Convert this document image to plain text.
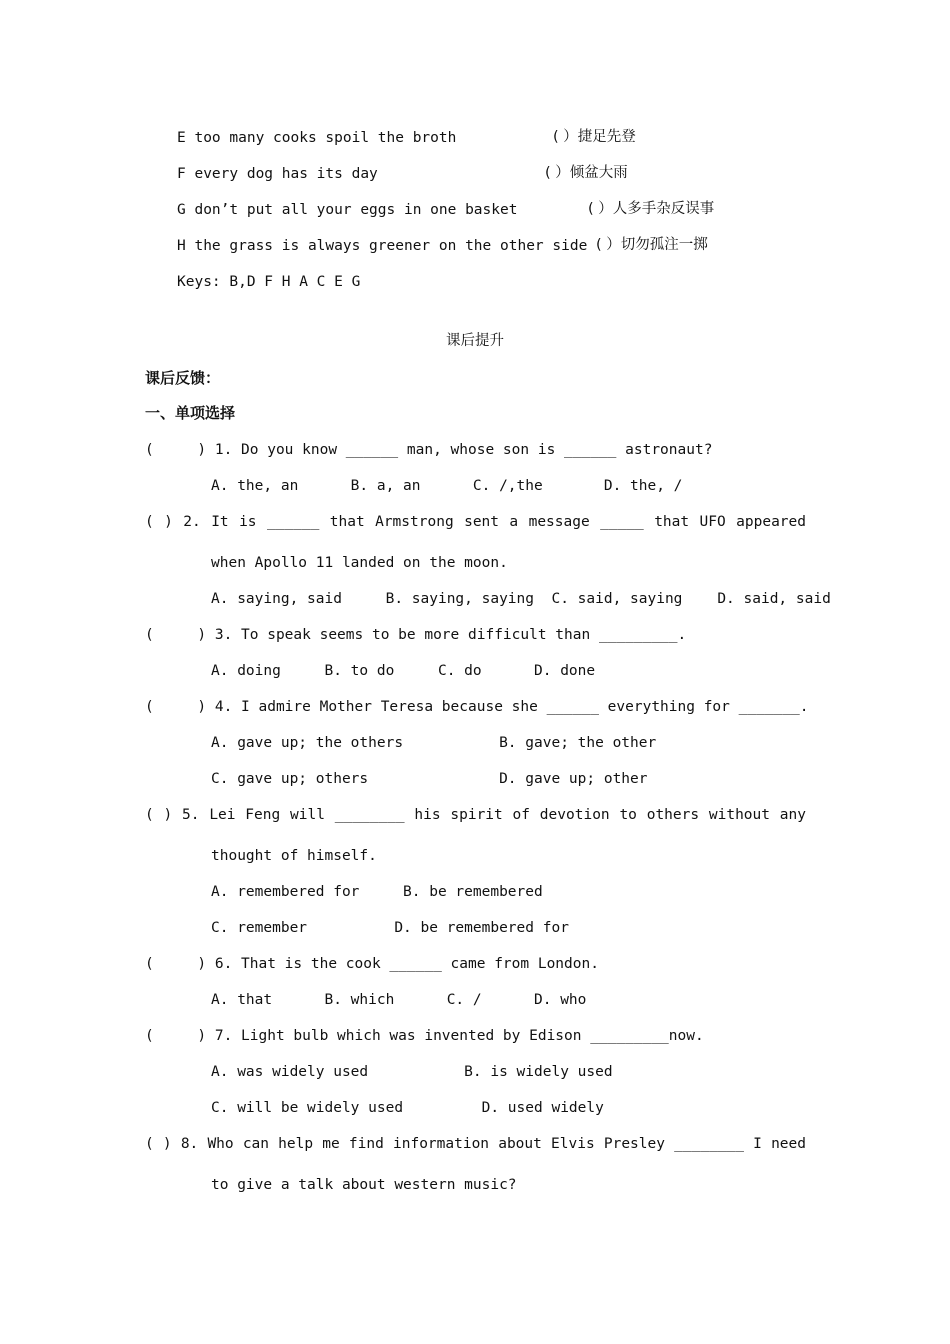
E too many cooks spoil the broth	( ）捷足先登
F every dog has its day	( ）倾盆大雨
G don’t put all your eggs in one basket	( ）人多手杂反误事
H the grass is always greener on the other side ( ）切勿孤注一掷
Keys: B,D F H A C E G
课后提升
课后反馈：
一、单项选择
(     ) 1. Do you know ______ man, whose son is ______ astronaut?
A. the, an      B. a, an      C. /,the       D. the, /
( ) 2. It is ______ that Armstrong sent a message _____ that UFO appeared
when Apollo 11 landed on the moon.
A. saying, said     B. saying, saying  C. said, saying    D. said, said
(     ) 3. To speak seems to be more difficult than _________.
A. doing     B. to do     C. do      D. done
(     ) 4. I admire Mother Teresa because she ______ everything for _______.
A. gave up; the others           B. gave; the other
C. gave up; others               D. gave up; other
( ) 5. Lei Feng will ________ his spirit of devotion to others without any
thought of himself.
A. remembered for     B. be remembered
C. remember          D. be remembered for
(     ) 6. That is the cook ______ came from London.
A. that      B. which      C. /      D. who
(     ) 7. Light bulb which was invented by Edison _________now.
A. was widely used           B. is widely used
C. will be widely used         D. used widely
( ) 8. Who can help me find information about Elvis Presley ________ I need
to give a talk about western music?
